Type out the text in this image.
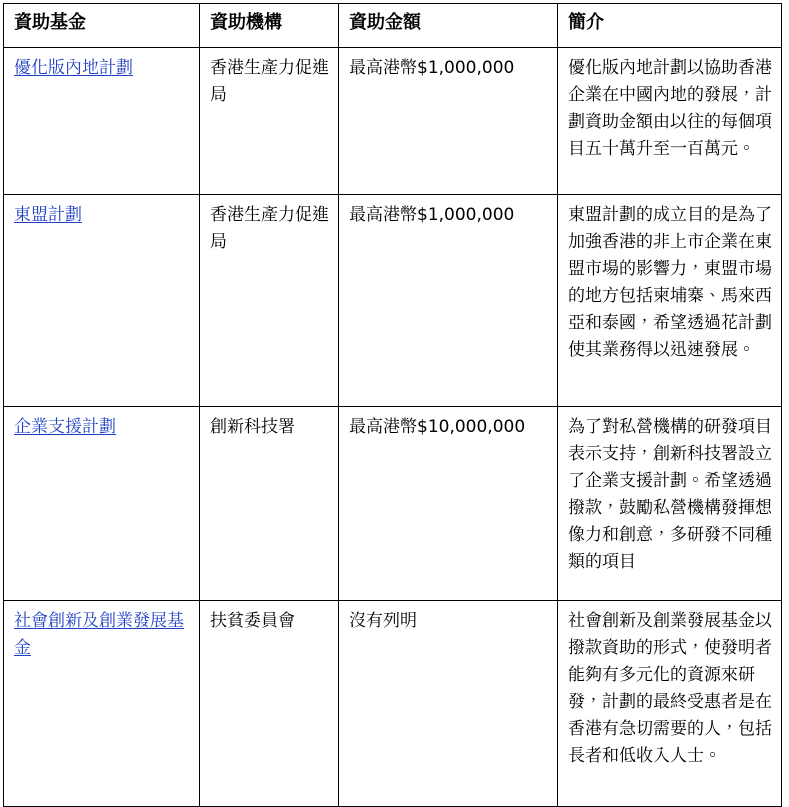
資助基金	資助機構	資助金額	簡介
優化版內地計劃	香港生產力促進局	最高港幣$1,000,000	優化版內地計劃以協助香港企業在中國內地的發展，計劃資助金額由以往的每個項目五十萬升至一百萬元。

東盟計劃	香港生產力促進局	最高港幣$1,000,000	東盟計劃的成立目的是為了加強香港的非上市企業在東盟市場的影響力，東盟市場的地方包括柬埔寨、馬來西亞和泰國，希望透過花計劃使其業務得以迅速發展。

企業支援計劃	創新科技署	最高港幣$10,000,000	為了對私營機構的研發項目表示支持，創新科技署設立了企業支援計劃。希望透過撥款，鼓勵私營機構發揮想像力和創意，多研發不同種類的項目

社會創新及創業發展基金	扶貧委員會	沒有列明	社會創新及創業發展基金以撥款資助的形式，使發明者能夠有多元化的資源來研發，計劃的最終受惠者是在香港有急切需要的人，包括長者和低收入人士。
